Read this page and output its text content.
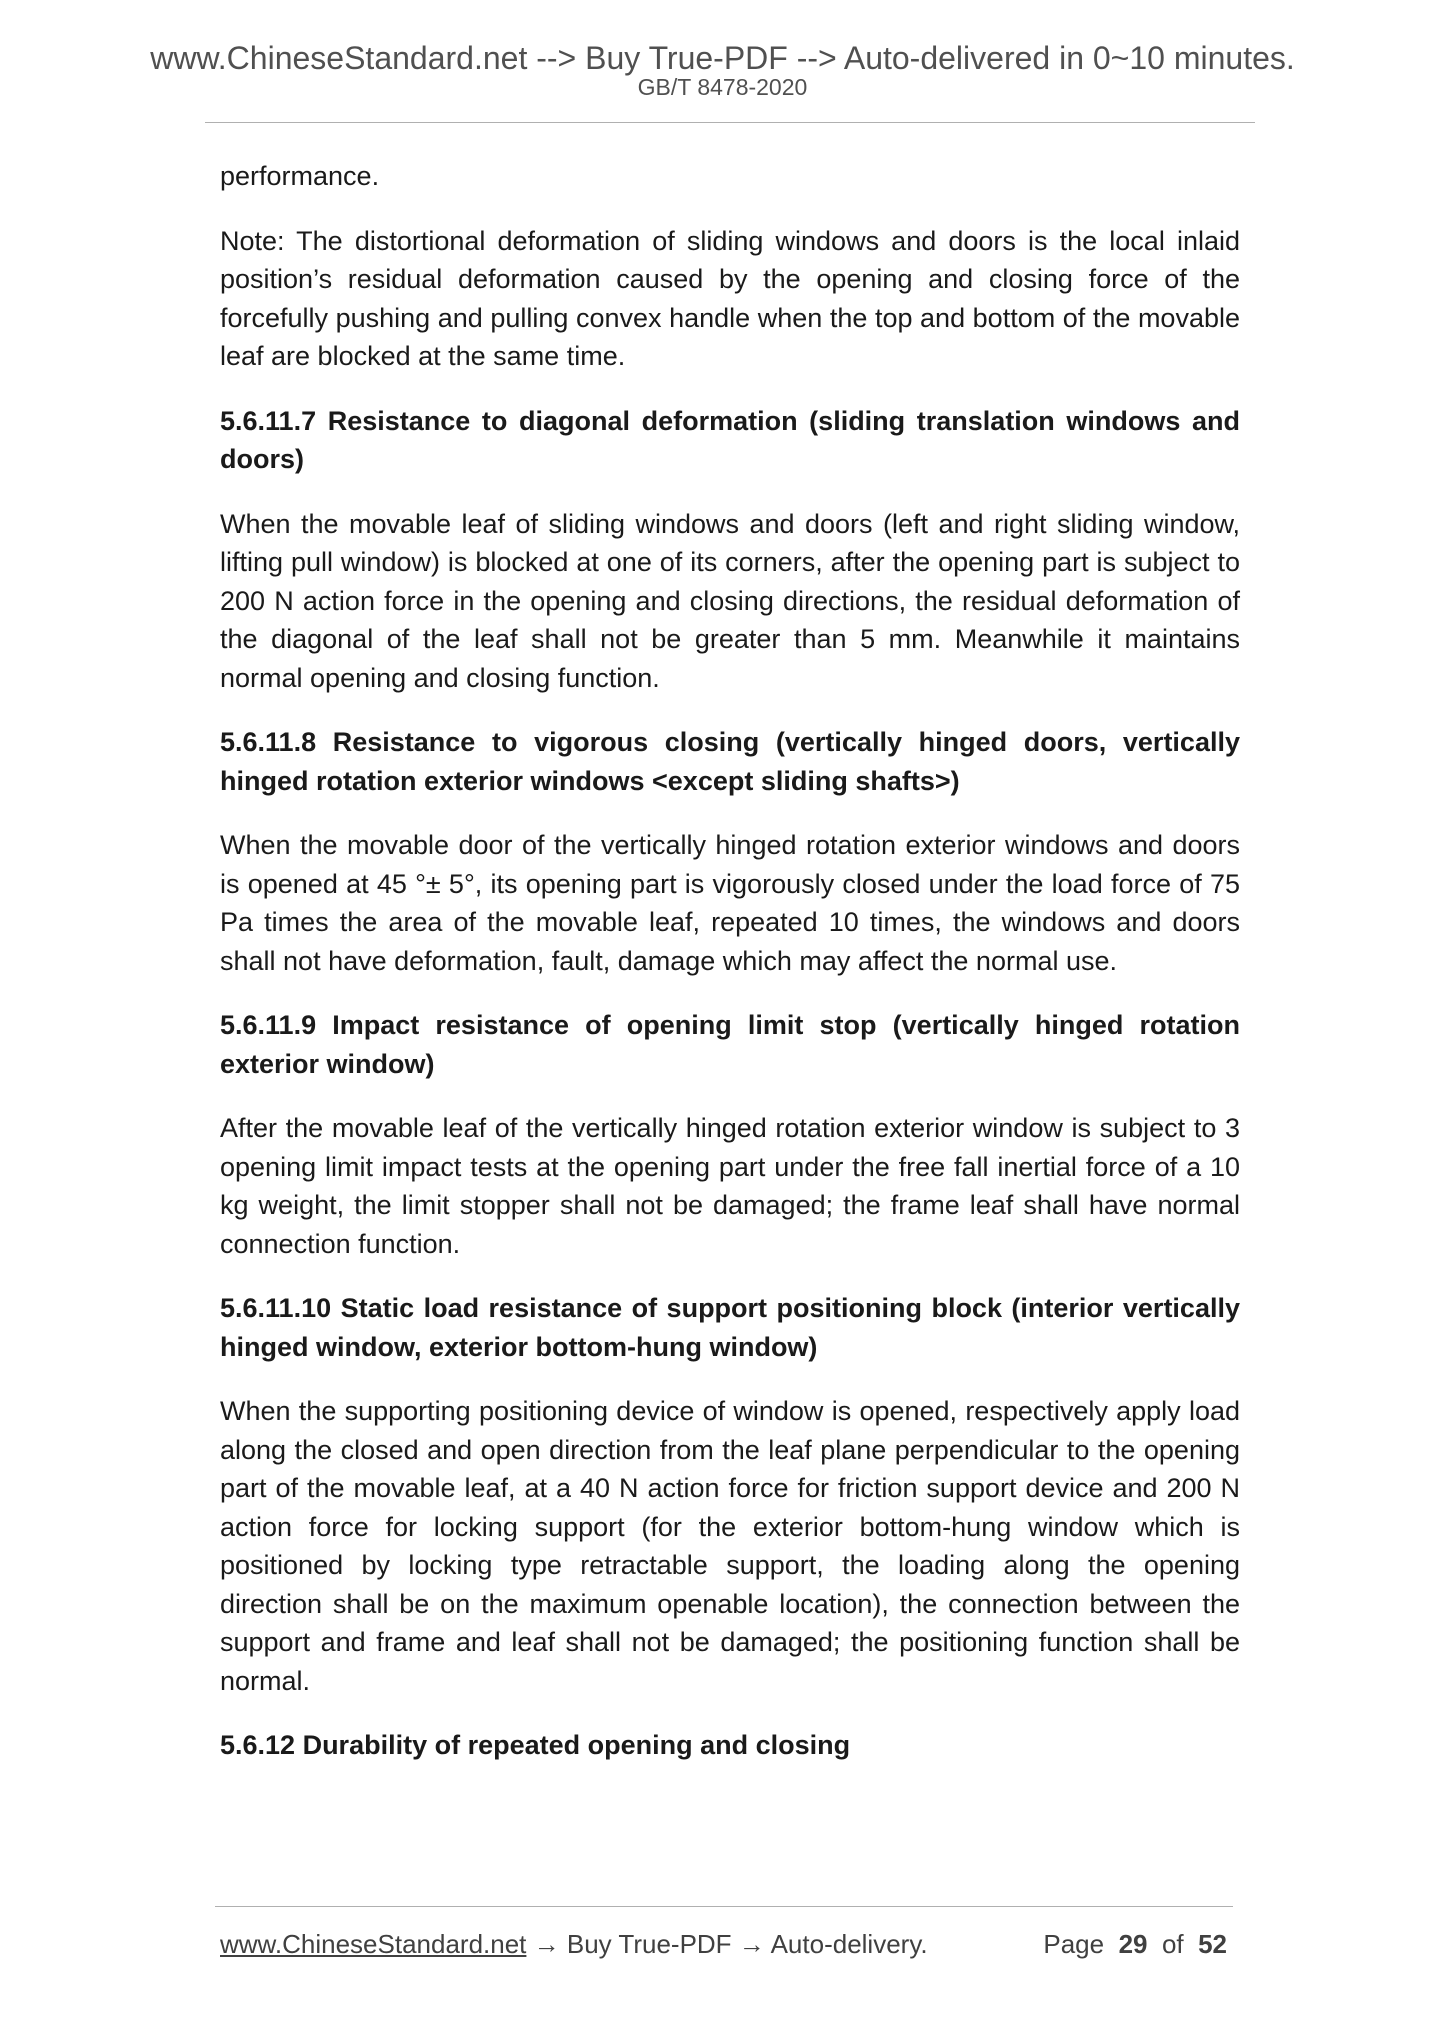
www.ChineseStandard.net --> Buy True-PDF --> Auto-delivered in 0~10 minutes.
GB/T 8478-2020

performance.

Note: The distortional deformation of sliding windows and doors is the local inlaid position’s residual deformation caused by the opening and closing force of the forcefully pushing and pulling convex handle when the top and bottom of the movable leaf are blocked at the same time.

5.6.11.7 Resistance to diagonal deformation (sliding translation windows and doors)

When the movable leaf of sliding windows and doors (left and right sliding window, lifting pull window) is blocked at one of its corners, after the opening part is subject to 200 N action force in the opening and closing directions, the residual deformation of the diagonal of the leaf shall not be greater than 5 mm. Meanwhile it maintains normal opening and closing function.

5.6.11.8 Resistance to vigorous closing (vertically hinged doors, vertically hinged rotation exterior windows <except sliding shafts>)

When the movable door of the vertically hinged rotation exterior windows and doors is opened at 45 °± 5°, its opening part is vigorously closed under the load force of 75 Pa times the area of the movable leaf, repeated 10 times, the windows and doors shall not have deformation, fault, damage which may affect the normal use.

5.6.11.9 Impact resistance of opening limit stop (vertically hinged rotation exterior window)

After the movable leaf of the vertically hinged rotation exterior window is subject to 3 opening limit impact tests at the opening part under the free fall inertial force of a 10 kg weight, the limit stopper shall not be damaged; the frame leaf shall have normal connection function.

5.6.11.10 Static load resistance of support positioning block (interior vertically hinged window, exterior bottom-hung window)

When the supporting positioning device of window is opened, respectively apply load along the closed and open direction from the leaf plane perpendicular to the opening part of the movable leaf, at a 40 N action force for friction support device and 200 N action force for locking support (for the exterior bottom-hung window which is positioned by locking type retractable support, the loading along the opening direction shall be on the maximum openable location), the connection between the support and frame and leaf shall not be damaged; the positioning function shall be normal.

5.6.12 Durability of repeated opening and closing

www.ChineseStandard.net → Buy True-PDF → Auto-delivery.	Page 29 of 52
